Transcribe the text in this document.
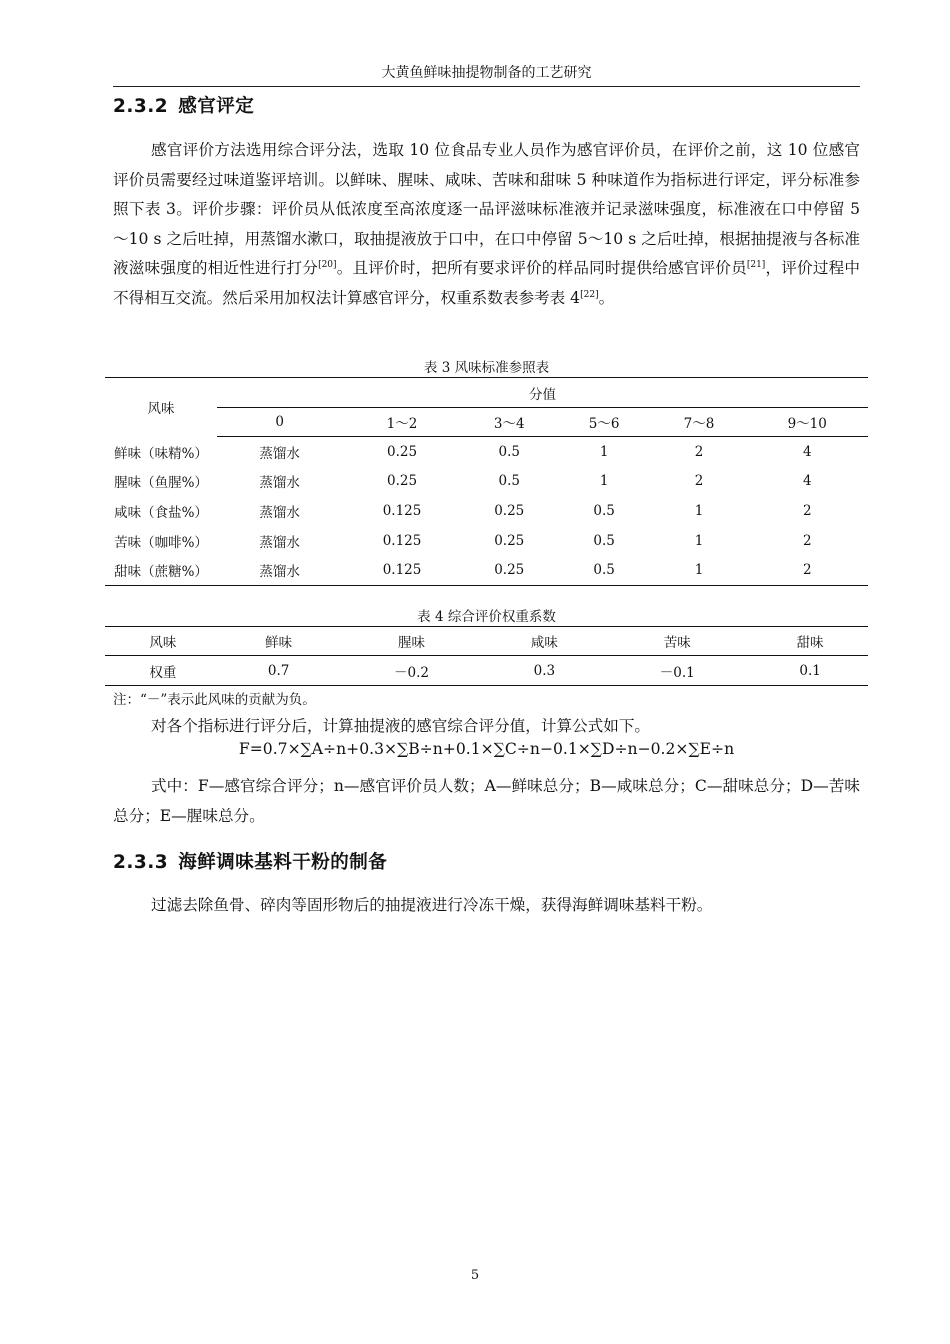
大黄鱼鲜味抽提物制备的工艺研究
2.3.2 感官评定
感官评价方法选用综合评分法，选取 10 位食品专业人员作为感官评价员，在评价之前，这 10 位感官评价员需要经过味道鉴评培训。以鲜味、腥味、咸味、苦味和甜味 5 种味道作为指标进行评定，评分标准参照下表 3。评价步骤：评价员从低浓度至高浓度逐一品评滋味标准液并记录滋味强度，标准液在口中停留 5～10 s 之后吐掉，用蒸馏水漱口，取抽提液放于口中，在口中停留 5～10 s 之后吐掉，根据抽提液与各标准液滋味强度的相近性进行打分[20]。且评价时，把所有要求评价的样品同时提供给感官评价员[21]，评价过程中不得相互交流。然后采用加权法计算感官评分，权重系数表参考表 4[22]。
表 3 风味标准参照表
风味	分值					
	0	1～2	3～4	5～6	7～8	9～10
鲜味（味精%）	蒸馏水	0.25	0.5	1	2	4
腥味（鱼腥%）	蒸馏水	0.25	0.5	1	2	4
咸味（食盐%）	蒸馏水	0.125	0.25	0.5	1	2
苦味（咖啡%）	蒸馏水	0.125	0.25	0.5	1	2
甜味（蔗糖%）	蒸馏水	0.125	0.25	0.5	1	2
表 4 综合评价权重系数
风味	鲜味	腥味	咸味	苦味	甜味
权重	0.7	－0.2	0.3	－0.1	0.1
注：“－”表示此风味的贡献为负。
对各个指标进行评分后，计算抽提液的感官综合评分值，计算公式如下。
F=0.7×∑A÷n+0.3×∑B÷n+0.1×∑C÷n−0.1×∑D÷n−0.2×∑E÷n
式中：F—感官综合评分；n—感官评价员人数；A—鲜味总分；B—咸味总分；C—甜味总分；D—苦味总分；E—腥味总分。
2.3.3 海鲜调味基料干粉的制备
过滤去除鱼骨、碎肉等固形物后的抽提液进行冷冻干燥，获得海鲜调味基料干粉。
5
